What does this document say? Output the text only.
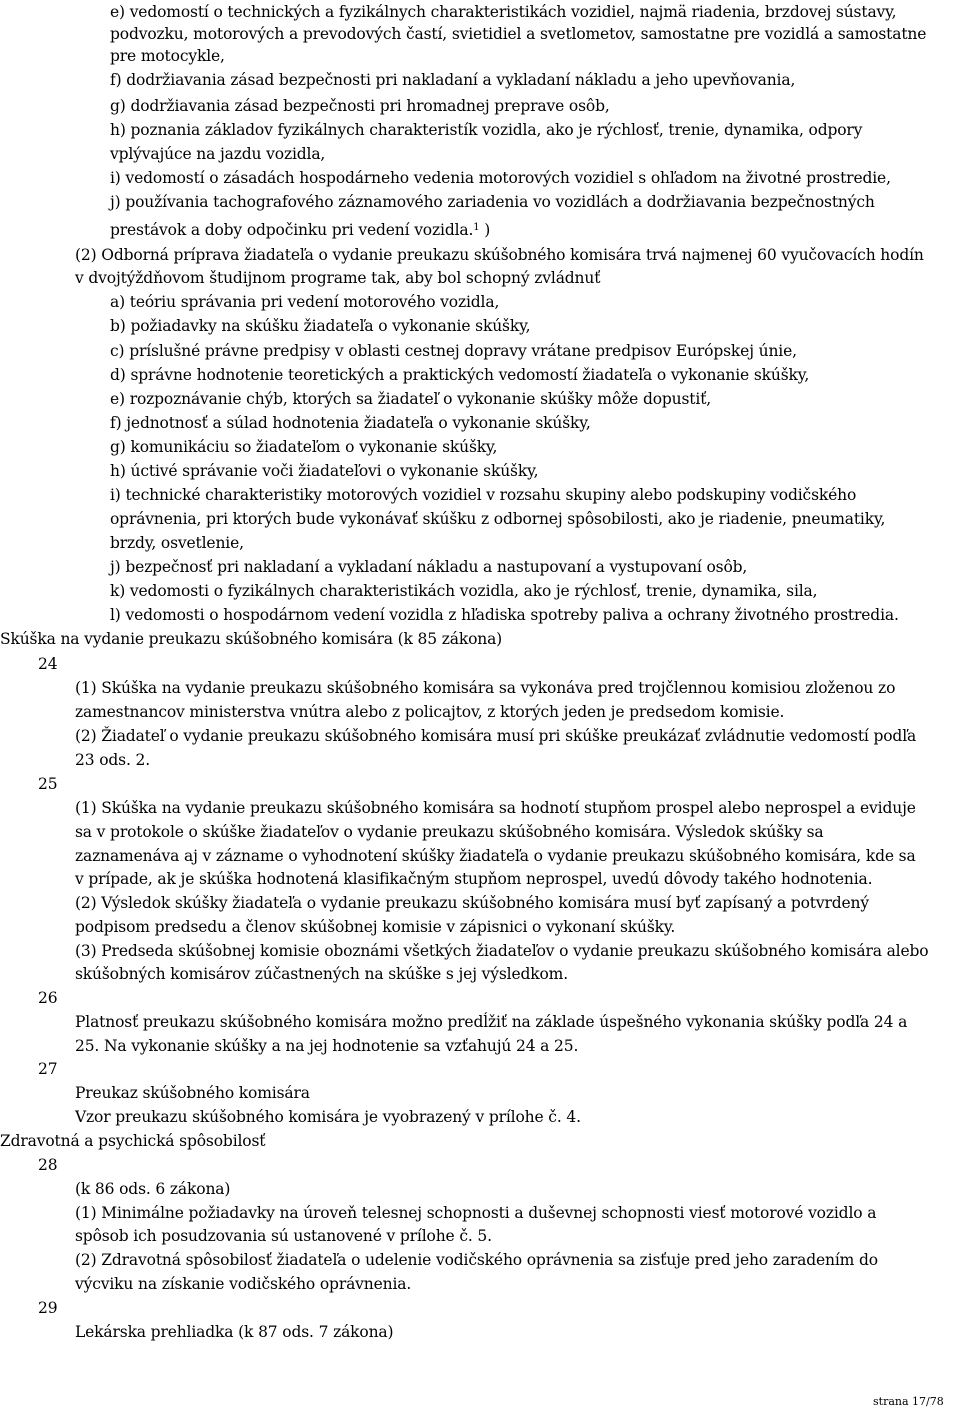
e) vedomostí o technických a fyzikálnych charakteristikách vozidiel, najmä riadenia, brzdovej sústavy,
podvozku, motorových a prevodových častí, svietidiel a svetlometov, samostatne pre vozidlá a samostatne
pre motocykle,
f) dodržiavania zásad bezpečnosti pri nakladaní a vykladaní nákladu a jeho upevňovania,
g) dodržiavania zásad bezpečnosti pri hromadnej preprave osôb,
h) poznania základov fyzikálnych charakteristík vozidla, ako je rýchlosť, trenie, dynamika, odpory
vplývajúce na jazdu vozidla,
i) vedomostí o zásadách hospodárneho vedenia motorových vozidiel s ohľadom na životné prostredie,
j) používania tachografového záznamového zariadenia vo vozidlách a dodržiavania bezpečnostných
prestávok a doby odpočinku pri vedení vozidla.$^1$ )
(2) Odborná príprava žiadateľa o vydanie preukazu skúšobného komisára trvá najmenej 60 vyučovacích hodín
v dvojtýždňovom študijnom programe tak, aby bol schopný zvládnuť
a) teóriu správania pri vedení motorového vozidla,
b) požiadavky na skúšku žiadateľa o vykonanie skúšky,
c) príslušné právne predpisy v oblasti cestnej dopravy vrátane predpisov Európskej únie,
d) správne hodnotenie teoretických a praktických vedomostí žiadateľa o vykonanie skúšky,
e) rozpoznávanie chýb, ktorých sa žiadateľ o vykonanie skúšky môže dopustiť,
f) jednotnosť a súlad hodnotenia žiadateľa o vykonanie skúšky,
g) komunikáciu so žiadateľom o vykonanie skúšky,
h) úctivé správanie voči žiadateľovi o vykonanie skúšky,
i) technické charakteristiky motorových vozidiel v rozsahu skupiny alebo podskupiny vodičského
oprávnenia, pri ktorých bude vykonávať skúšku z odbornej spôsobilosti, ako je riadenie, pneumatiky,
brzdy, osvetlenie,
j) bezpečnosť pri nakladaní a vykladaní nákladu a nastupovaní a vystupovaní osôb,
k) vedomosti o fyzikálnych charakteristikách vozidla, ako je rýchlosť, trenie, dynamika, sila,
l) vedomosti o hospodárnom vedení vozidla z hľadiska spotreby paliva a ochrany životného prostredia.
Skúška na vydanie preukazu skúšobného komisára (k 85 zákona)
24
(1) Skúška na vydanie preukazu skúšobného komisára sa vykonáva pred trojčlennou komisiou zloženou zo
zamestnancov ministerstva vnútra alebo z policajtov, z ktorých jeden je predsedom komisie.
(2) Žiadateľ o vydanie preukazu skúšobného komisára musí pri skúške preukázať zvládnutie vedomostí podľa
23 ods. 2.
25
(1) Skúška na vydanie preukazu skúšobného komisára sa hodnotí stupňom prospel alebo neprospel a eviduje
sa v protokole o skúške žiadateľov o vydanie preukazu skúšobného komisára. Výsledok skúšky sa
zaznamenáva aj v zázname o vyhodnotení skúšky žiadateľa o vydanie preukazu skúšobného komisára, kde sa
v prípade, ak je skúška hodnotená klasifikačným stupňom neprospel, uvedú dôvody takého hodnotenia.
(2) Výsledok skúšky žiadateľa o vydanie preukazu skúšobného komisára musí byť zapísaný a potvrdený
podpisom predsedu a členov skúšobnej komisie v zápisnici o vykonaní skúšky.
(3) Predseda skúšobnej komisie oboznámi všetkých žiadateľov o vydanie preukazu skúšobného komisára alebo
skúšobných komisárov zúčastnených na skúške s jej výsledkom.
26
Platnosť preukazu skúšobného komisára možno predĺžiť na základe úspešného vykonania skúšky podľa 24 a
25. Na vykonanie skúšky a na jej hodnotenie sa vzťahujú 24 a 25.
27
Preukaz skúšobného komisára
Vzor preukazu skúšobného komisára je vyobrazený v prílohe č. 4.
Zdravotná a psychická spôsobilosť
28
(k 86 ods. 6 zákona)
(1) Minimálne požiadavky na úroveň telesnej schopnosti a duševnej schopnosti viesť motorové vozidlo a
spôsob ich posudzovania sú ustanovené v prílohe č. 5.
(2) Zdravotná spôsobilosť žiadateľa o udelenie vodičského oprávnenia sa zisťuje pred jeho zaradením do
výcviku na získanie vodičského oprávnenia.
29
Lekárska prehliadka (k 87 ods. 7 zákona)
strana 17/78
